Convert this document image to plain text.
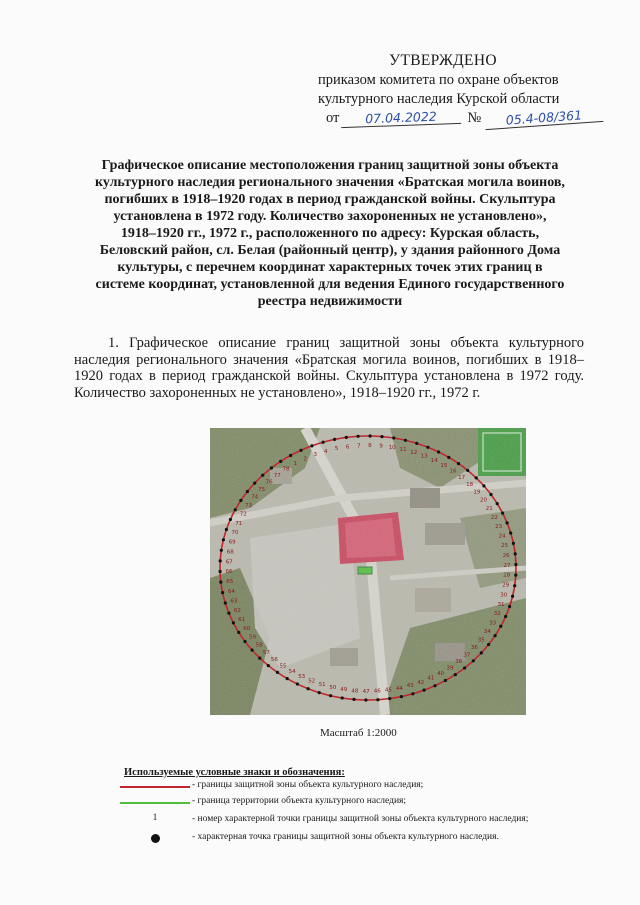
УТВЕРЖДЕНО

приказом комитета по охране объектов

культурного наследия Курской области

от 07.04.2022 № 05.4-08/361

Графическое описание местоположения границ защитной зоны объекта культурного наследия регионального значения «Братская могила воинов, погибших в 1918–1920 годах в период гражданской войны. Скульптура установлена в 1972 году. Количество захороненных не установлено», 1918–1920 гг., 1972 г., расположенного по адресу: Курская область, Беловский район, сл. Белая (районный центр), у здания районного Дома культуры, с перечнем координат характерных точек этих границ в системе координат, установленной для ведения Единого государственного реестра недвижимости

1. Графическое описание границ защитной зоны объекта культурного наследия регионального значения «Братская могила воинов, погибших в 1918–1920 годах в период гражданской войны. Скульптура установлена в 1972 году. Количество захороненных не установлено», 1918–1920 гг., 1972 г.

1
2
3
4 5 6 7 8 9 10 11 12
13
14
15
16
17
18
19
20
21
22
23
24
25
26
27
28
29
30
31
32
33
34
35
36
37
38
39
40
41
42
43
44
45
46
47
48
49
50
51
52
53
54
55
56
57
58
59
60
61
62
63
64
65
66
67
68
69
70
71
72
73
74
75
76
77
78

Масштаб 1:2000

Используемые условные знаки и обозначения:

- границы защитной зоны объекта культурного наследия;
- граница территории объекта культурного наследия;
1	- номер характерной точки границы защитной зоны объекта культурного наследия;
- характерная точка границы защитной зоны объекта культурного наследия.
